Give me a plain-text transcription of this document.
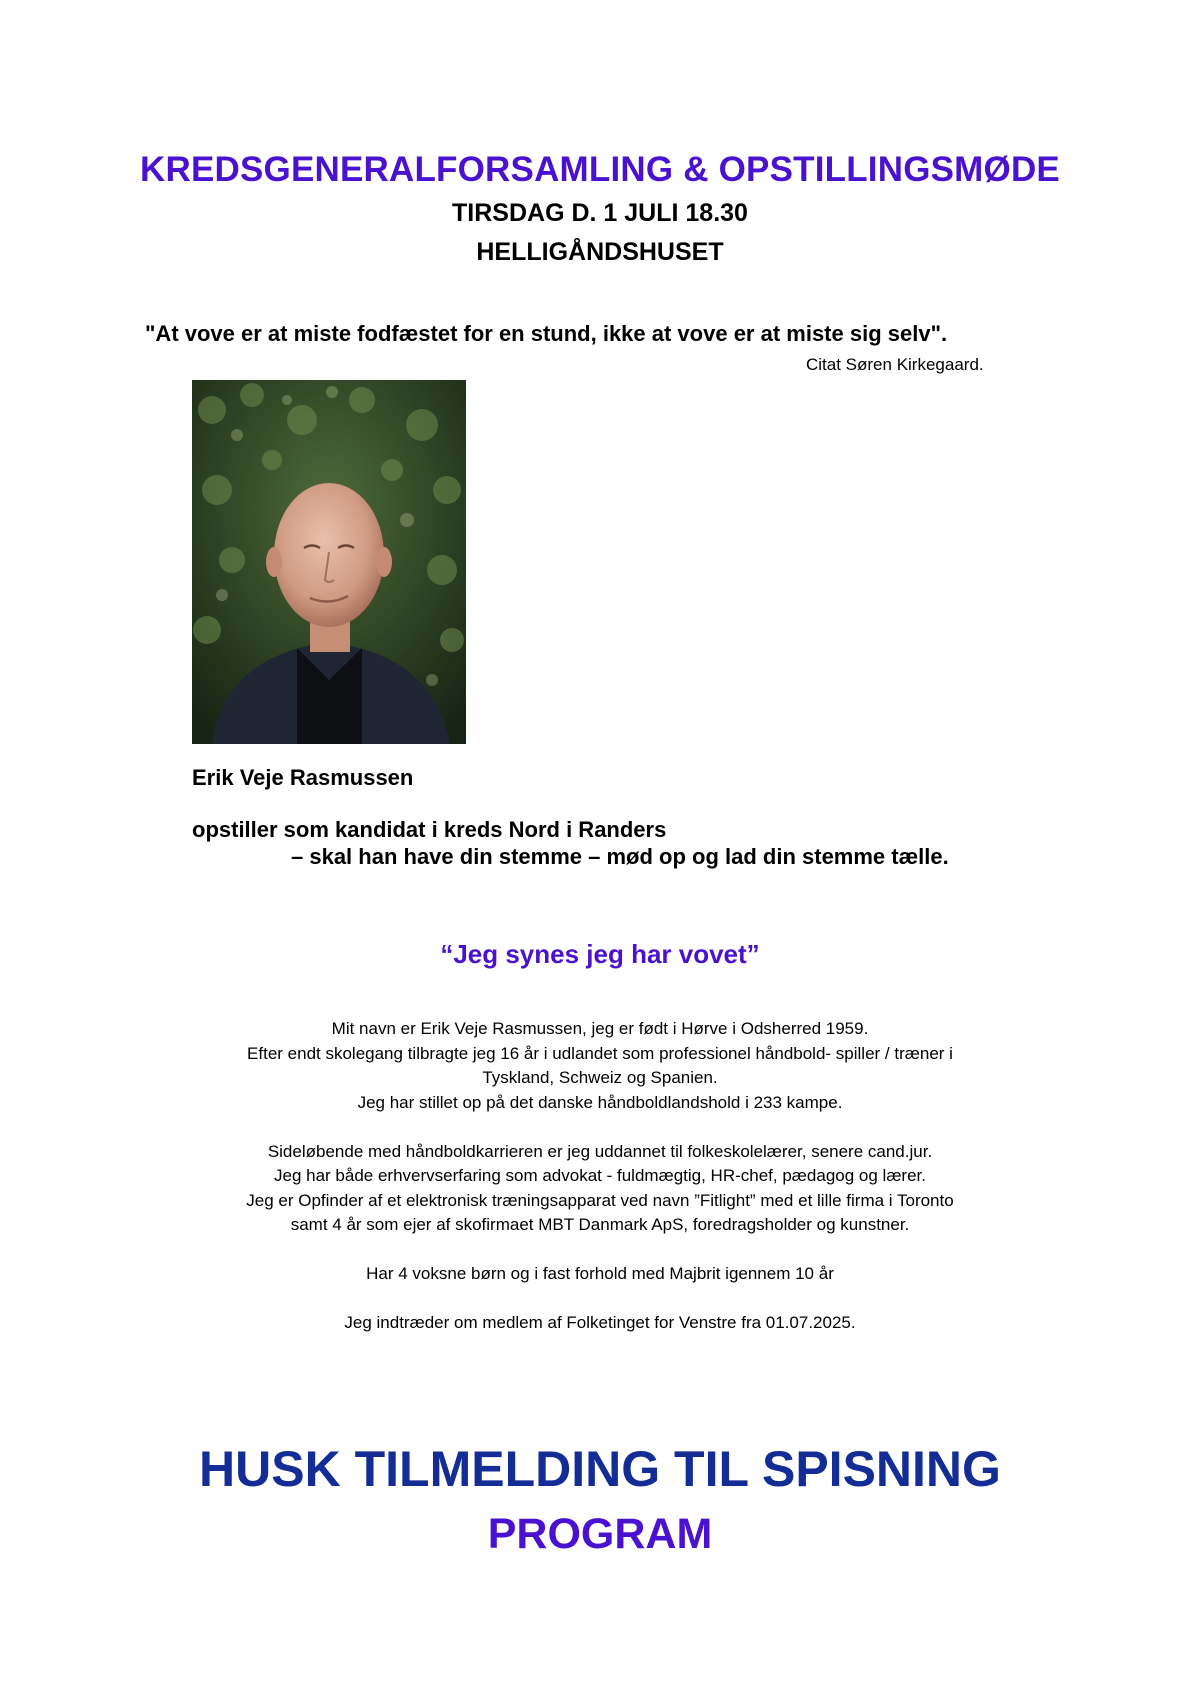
KREDSGENERALFORSAMLING & OPSTILLINGSMØDE
TIRSDAG D. 1 JULI 18.30
HELLIGÅNDSHUSET
"At vove er at miste fodfæstet for en stund, ikke at vove er at miste sig selv".
Citat Søren Kirkegaard.
Erik Veje Rasmussen
opstiller som kandidat i kreds Nord i Randers
– skal han have din stemme – mød op og lad din stemme tælle.
“Jeg synes jeg har vovet”

Mit navn er Erik Veje Rasmussen, jeg er født i Hørve i Odsherred 1959.
Efter endt skolegang tilbragte jeg 16 år i udlandet som professionel håndbold- spiller / træner i
Tyskland, Schweiz og Spanien.
Jeg har stillet op på det danske håndboldlandshold i 233 kampe.

Sideløbende med håndboldkarrieren er jeg uddannet til folkeskolelærer, senere cand.jur.
Jeg har både erhvervserfaring som advokat - fuldmægtig, HR-chef, pædagog og lærer.
Jeg er Opfinder af et elektronisk træningsapparat ved navn ”Fitlight” med et lille firma i Toronto
samt 4 år som ejer af skofirmaet MBT Danmark ApS, foredragsholder og kunstner.

Har 4 voksne børn og i fast forhold med Majbrit igennem 10 år

Jeg indtræder om medlem af Folketinget for Venstre fra 01.07.2025.

HUSK TILMELDING TIL SPISNING
PROGRAM
